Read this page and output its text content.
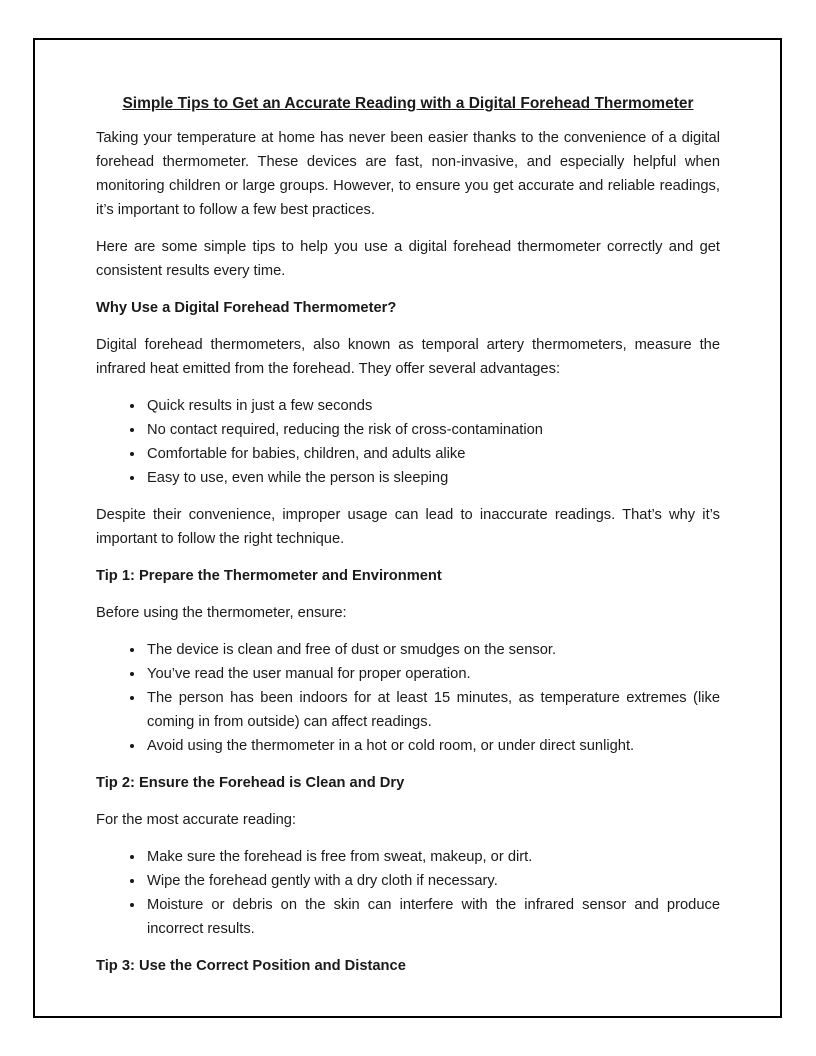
Simple Tips to Get an Accurate Reading with a Digital Forehead Thermometer

Taking your temperature at home has never been easier thanks to the convenience of a digital forehead thermometer. These devices are fast, non-invasive, and especially helpful when monitoring children or large groups. However, to ensure you get accurate and reliable readings, it’s important to follow a few best practices.

Here are some simple tips to help you use a digital forehead thermometer correctly and get consistent results every time.

Why Use a Digital Forehead Thermometer?

Digital forehead thermometers, also known as temporal artery thermometers, measure the infrared heat emitted from the forehead. They offer several advantages:

• Quick results in just a few seconds
• No contact required, reducing the risk of cross-contamination
• Comfortable for babies, children, and adults alike
• Easy to use, even while the person is sleeping

Despite their convenience, improper usage can lead to inaccurate readings. That’s why it’s important to follow the right technique.

Tip 1: Prepare the Thermometer and Environment

Before using the thermometer, ensure:

• The device is clean and free of dust or smudges on the sensor.
• You’ve read the user manual for proper operation.
• The person has been indoors for at least 15 minutes, as temperature extremes (like coming in from outside) can affect readings.
• Avoid using the thermometer in a hot or cold room, or under direct sunlight.
Tip 2: Ensure the Forehead is Clean and Dry

For the most accurate reading:

• Make sure the forehead is free from sweat, makeup, or dirt.
• Wipe the forehead gently with a dry cloth if necessary.
• Moisture or debris on the skin can interfere with the infrared sensor and produce incorrect results.
Tip 3: Use the Correct Position and Distance
